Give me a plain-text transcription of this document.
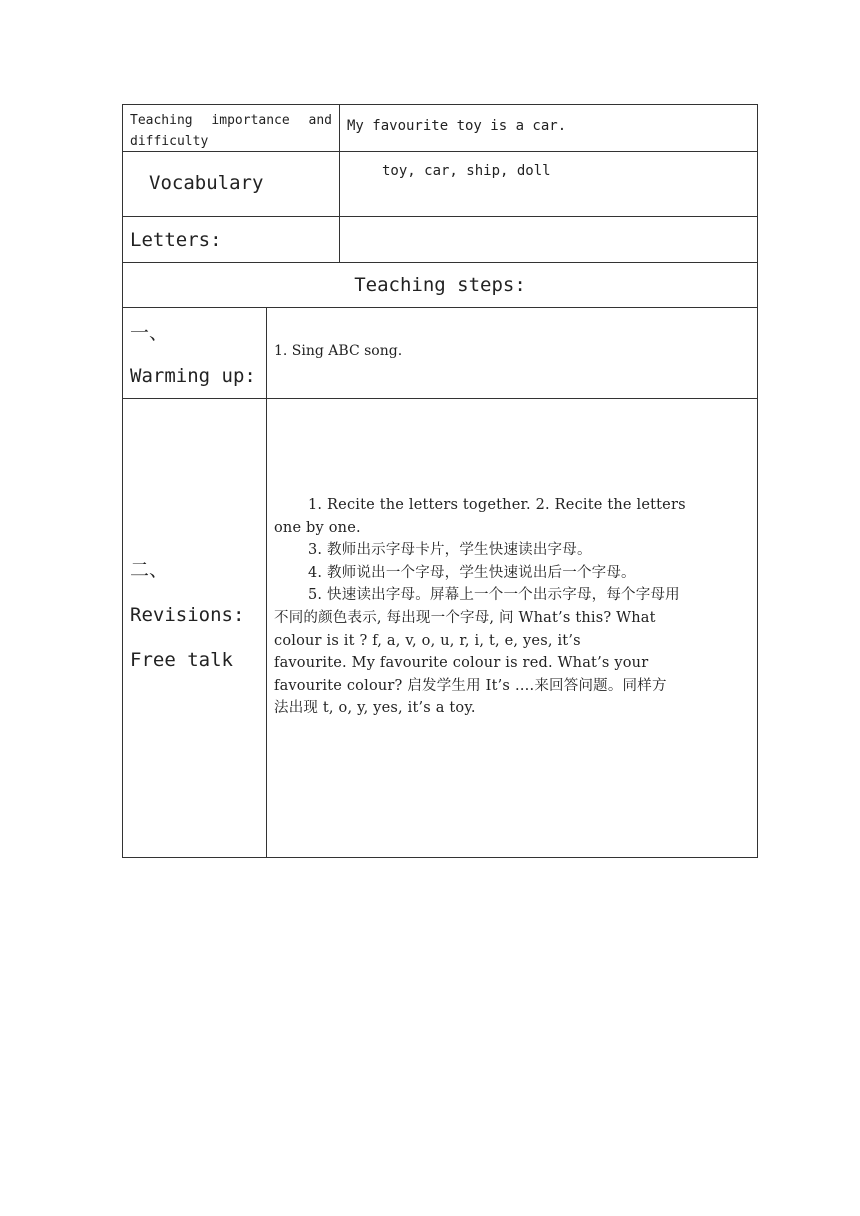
Teaching importance and
difficulty
My favourite toy is a car.
Vocabulary
toy, car, ship, doll
Letters:
Teaching steps:
一、
Warming up:
1. Sing ABC song.
二、
Revisions:
Free talk

1. Recite the letters together. 2. Recite the letters

one by one.

3. 教师出示字母卡片，学生快速读出字母。

4. 教师说出一个字母，学生快速说出后一个字母。

5. 快速读出字母。屏幕上一个一个出示字母，每个字母用

不同的颜色表示, 每出现一个字母, 问 What’s this? What

colour is it ? f, a, v, o, u, r, i, t, e, yes, it’s

favourite. My favourite colour is red. What’s your

favourite colour? 启发学生用 It’s ….来回答问题。同样方

法出现 t, o, y, yes, it’s a toy.
